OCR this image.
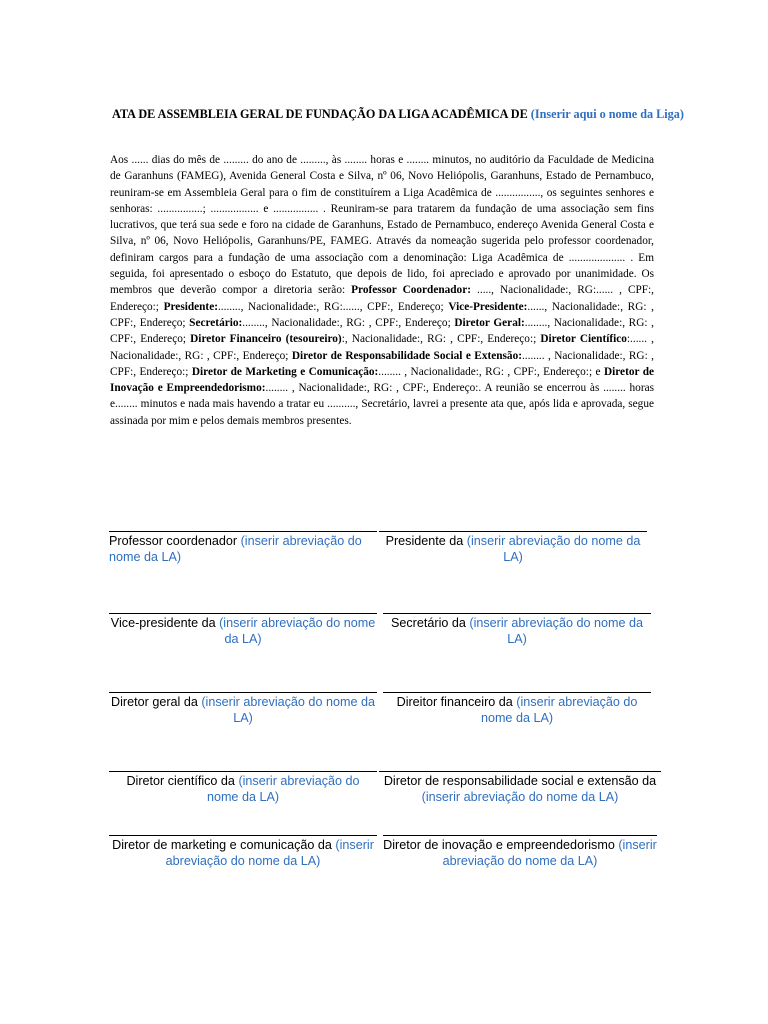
ATA DE ASSEMBLEIA GERAL DE FUNDAÇÃO DA LIGA ACADÊMICA DE (Inserir aqui o nome da Liga)
Aos ...... dias do mês de ......... do ano de ........., às ........ horas e ........ minutos, no auditório da Faculdade de Medicina de Garanhuns (FAMEG), Avenida General Costa e Silva, nº 06, Novo Heliópolis, Garanhuns, Estado de Pernambuco, reuniram-se em Assembleia Geral para o fim de constituírem a Liga Acadêmica de ................, os seguintes senhores e senhoras: ................; ................. e ................ . Reuniram-se para tratarem da fundação de uma associação sem fins lucrativos, que terá sua sede e foro na cidade de Garanhuns, Estado de Pernambuco, endereço Avenida General Costa e Silva, nº 06, Novo Heliópolis, Garanhuns/PE, FAMEG. Através da nomeação sugerida pelo professor coordenador, definiram cargos para a fundação de uma associação com a denominação: Liga Acadêmica de .................... . Em seguida, foi apresentado o esboço do Estatuto, que depois de lido, foi apreciado e aprovado por unanimidade. Os membros que deverão compor a diretoria serão: Professor Coordenador: ....., Nacionalidade:, RG:...... , CPF:, Endereço:; Presidente:........, Nacionalidade:, RG:......, CPF:, Endereço; Vice-Presidente:......, Nacionalidade:, RG: , CPF:, Endereço; Secretário:........, Nacionalidade:, RG: , CPF:, Endereço; Diretor Geral:........, Nacionalidade:, RG: , CPF:, Endereço; Diretor Financeiro (tesoureiro):, Nacionalidade:, RG: , CPF:, Endereço:; Diretor Científico:...... , Nacionalidade:, RG: , CPF:, Endereço; Diretor de Responsabilidade Social e Extensão:........ , Nacionalidade:, RG: , CPF:, Endereço:; Diretor de Marketing e Comunicação:........ , Nacionalidade:, RG: , CPF:, Endereço:; e Diretor de Inovação e Empreendedorismo:........ , Nacionalidade:, RG: , CPF:, Endereço:. A reunião se encerrou às ........ horas e........ minutos e nada mais havendo a tratar eu .........., Secretário, lavrei a presente ata que, após lida e aprovada, segue assinada por mim e pelos demais membros presentes.
Professor coordenador (inserir abreviação do nome da LA)
Presidente da (inserir abreviação do nome da LA)
Vice-presidente da (inserir abreviação do nome da LA)
Secretário da (inserir abreviação do nome da LA)
Diretor geral da (inserir abreviação do nome da LA)
Direitor financeiro da (inserir abreviação do nome da LA)
Diretor científico da (inserir abreviação do nome da LA)
Diretor de responsabilidade social e extensão da (inserir abreviação do nome da LA)
Diretor de marketing e comunicação da (inserir abreviação do nome da LA)
Diretor de inovação e empreendedorismo (inserir abreviação do nome da LA)
